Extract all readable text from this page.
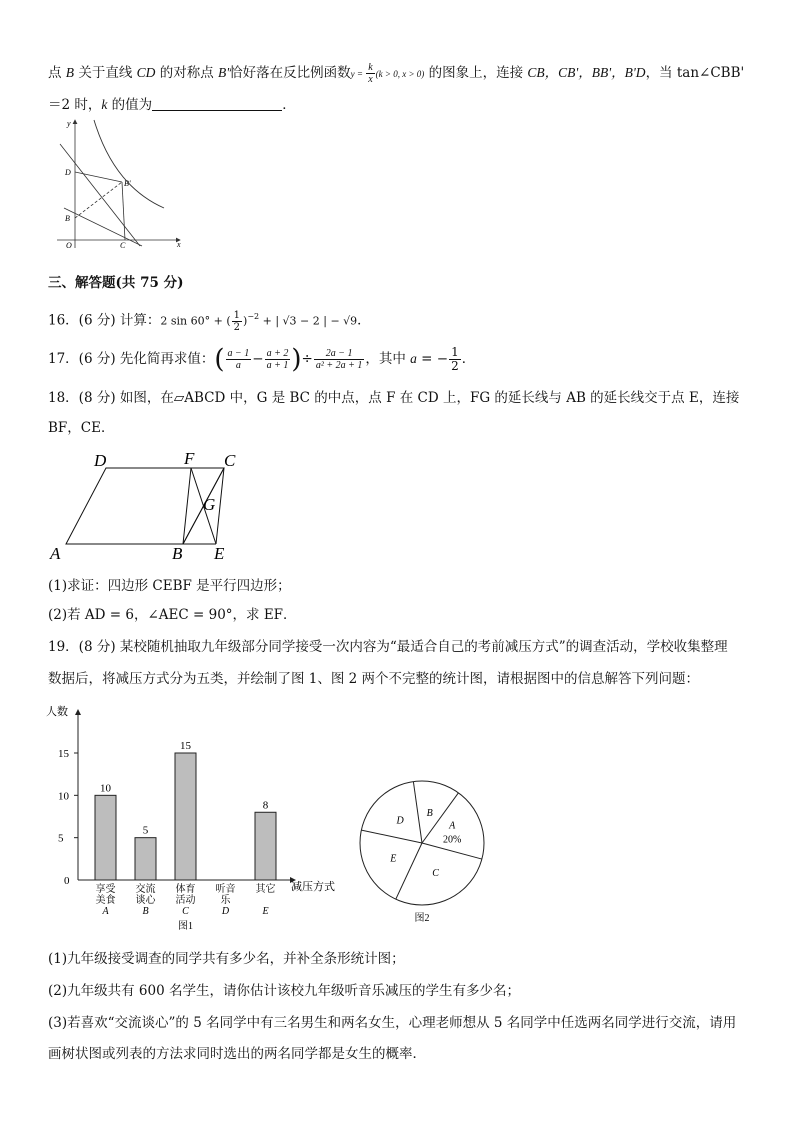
点 B 关于直线 CD 的对称点 B'恰好落在反比例函数$y = \frac{k}{x} (k > 0$, x > 0) 的图象上，连接 CB，CB'，BB'，B'D，当 tan∠CBB'
＝2 时，k 的值为	．
y
x
D
B'
B
O	C
三、解答题(共 75 分)
16．(6 分) 计算：2 sin 60° + ( $\frac{1}{2} )^{-2}$ + | √3 − 2 | − √9．
17．(6 分) 先化简再求值：( $\frac{a - 1}{a} - \frac{a + 2}{a + 1}$ )÷ $\frac{2a - 1}{\text{a² + 2a + 1}}$ ，其中 a = − $\frac{1}{2}$ ．
18．(8 分) 如图，在▱ABCD 中，G 是 BC 的中点，点 F 在 CD 上，FG 的延长线与 AB 的延长线交于点 E，连接
BF，CE．
D	F C
G
A	B E
(1)求证：四边形 CEBF 是平行四边形；
(2)若 AD = 6，∠AEC = 90°，求 EF．
19．(8 分) 某校随机抽取九年级部分同学接受一次内容为“最适合自己的考前减压方式”的调查活动，学校收集整理
数据后，将减压方式分为五类，并绘制了图 1、图 2 两个不完整的统计图，请根据图中的信息解答下列问题：
人数
减压方式
0
5
10
15
10
享受
美食
A
5
交流
谈心
B
15
体育
活动
C
听音
乐
D
8
其它
E
图1
B
A
20%
C
E
D
图2
(1)九年级接受调查的同学共有多少名，并补全条形统计图；
(2)九年级共有 600 名学生，请你估计该校九年级听音乐减压的学生有多少名；
(3)若喜欢“交流谈心”的 5 名同学中有三名男生和两名女生，心理老师想从 5 名同学中任选两名同学进行交流，请用
画树状图或列表的方法求同时选出的两名同学都是女生的概率．
